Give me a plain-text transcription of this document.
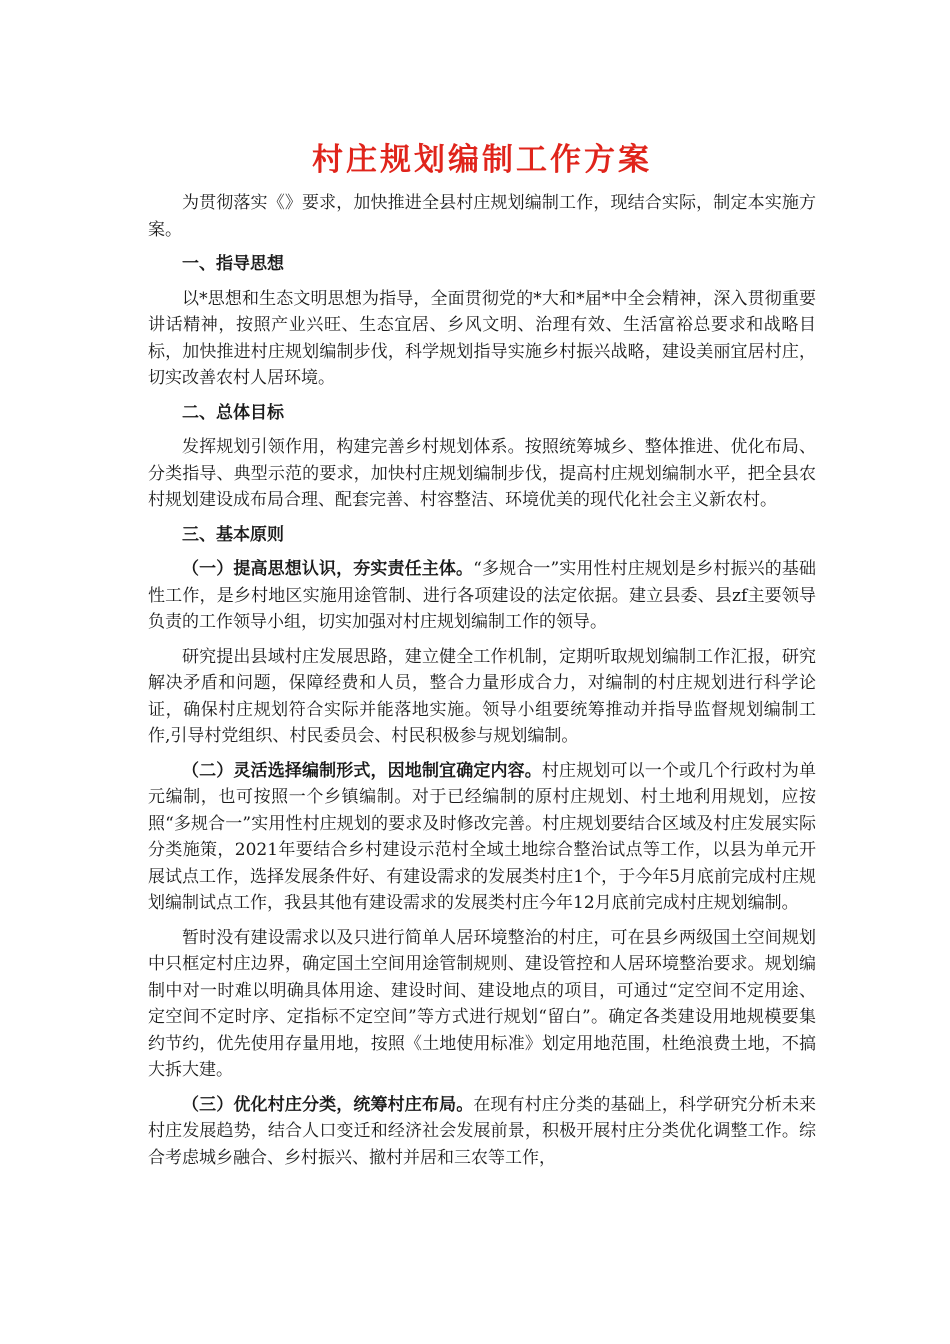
村庄规划编制工作方案

为贯彻落实《》要求，加快推进全县村庄规划编制工作，现结合实际，制定本实施方案。

一、指导思想

以*思想和生态文明思想为指导，全面贯彻党的*大和*届*中全会精神，深入贯彻重要讲话精神，按照产业兴旺、生态宜居、乡风文明、治理有效、生活富裕总要求和战略目标，加快推进村庄规划编制步伐，科学规划指导实施乡村振兴战略，建设美丽宜居村庄，切实改善农村人居环境。

二、总体目标

发挥规划引领作用，构建完善乡村规划体系。按照统筹城乡、整体推进、优化布局、分类指导、典型示范的要求，加快村庄规划编制步伐，提高村庄规划编制水平，把全县农村规划建设成布局合理、配套完善、村容整洁、环境优美的现代化社会主义新农村。

三、基本原则

（一）提高思想认识，夯实责任主体。“多规合一”实用性村庄规划是乡村振兴的基础性工作，是乡村地区实施用途管制、进行各项建设的法定依据。建立县委、县zf主要领导负责的工作领导小组，切实加强对村庄规划编制工作的领导。

研究提出县域村庄发展思路，建立健全工作机制，定期听取规划编制工作汇报，研究解决矛盾和问题，保障经费和人员，整合力量形成合力，对编制的村庄规划进行科学论证，确保村庄规划符合实际并能落地实施。领导小组要统筹推动并指导监督规划编制工作,引导村党组织、村民委员会、村民积极参与规划编制。

（二）灵活选择编制形式，因地制宜确定内容。村庄规划可以一个或几个行政村为单元编制，也可按照一个乡镇编制。对于已经编制的原村庄规划、村土地利用规划，应按照“多规合一”实用性村庄规划的要求及时修改完善。村庄规划要结合区域及村庄发展实际分类施策，2021年要结合乡村建设示范村全域土地综合整治试点等工作，以县为单元开展试点工作，选择发展条件好、有建设需求的发展类村庄1个，于今年5月底前完成村庄规划编制试点工作，我县其他有建设需求的发展类村庄今年12月底前完成村庄规划编制。

暂时没有建设需求以及只进行简单人居环境整治的村庄，可在县乡两级国土空间规划中只框定村庄边界，确定国土空间用途管制规则、建设管控和人居环境整治要求。规划编制中对一时难以明确具体用途、建设时间、建设地点的项目，可通过“定空间不定用途、定空间不定时序、定指标不定空间”等方式进行规划“留白”。确定各类建设用地规模要集约节约，优先使用存量用地，按照《土地使用标准》划定用地范围，杜绝浪费土地，不搞大拆大建。

（三）优化村庄分类，统筹村庄布局。在现有村庄分类的基础上，科学研究分析未来村庄发展趋势，结合人口变迁和经济社会发展前景，积极开展村庄分类优化调整工作。综合考虑城乡融合、乡村振兴、撤村并居和三农等工作，
